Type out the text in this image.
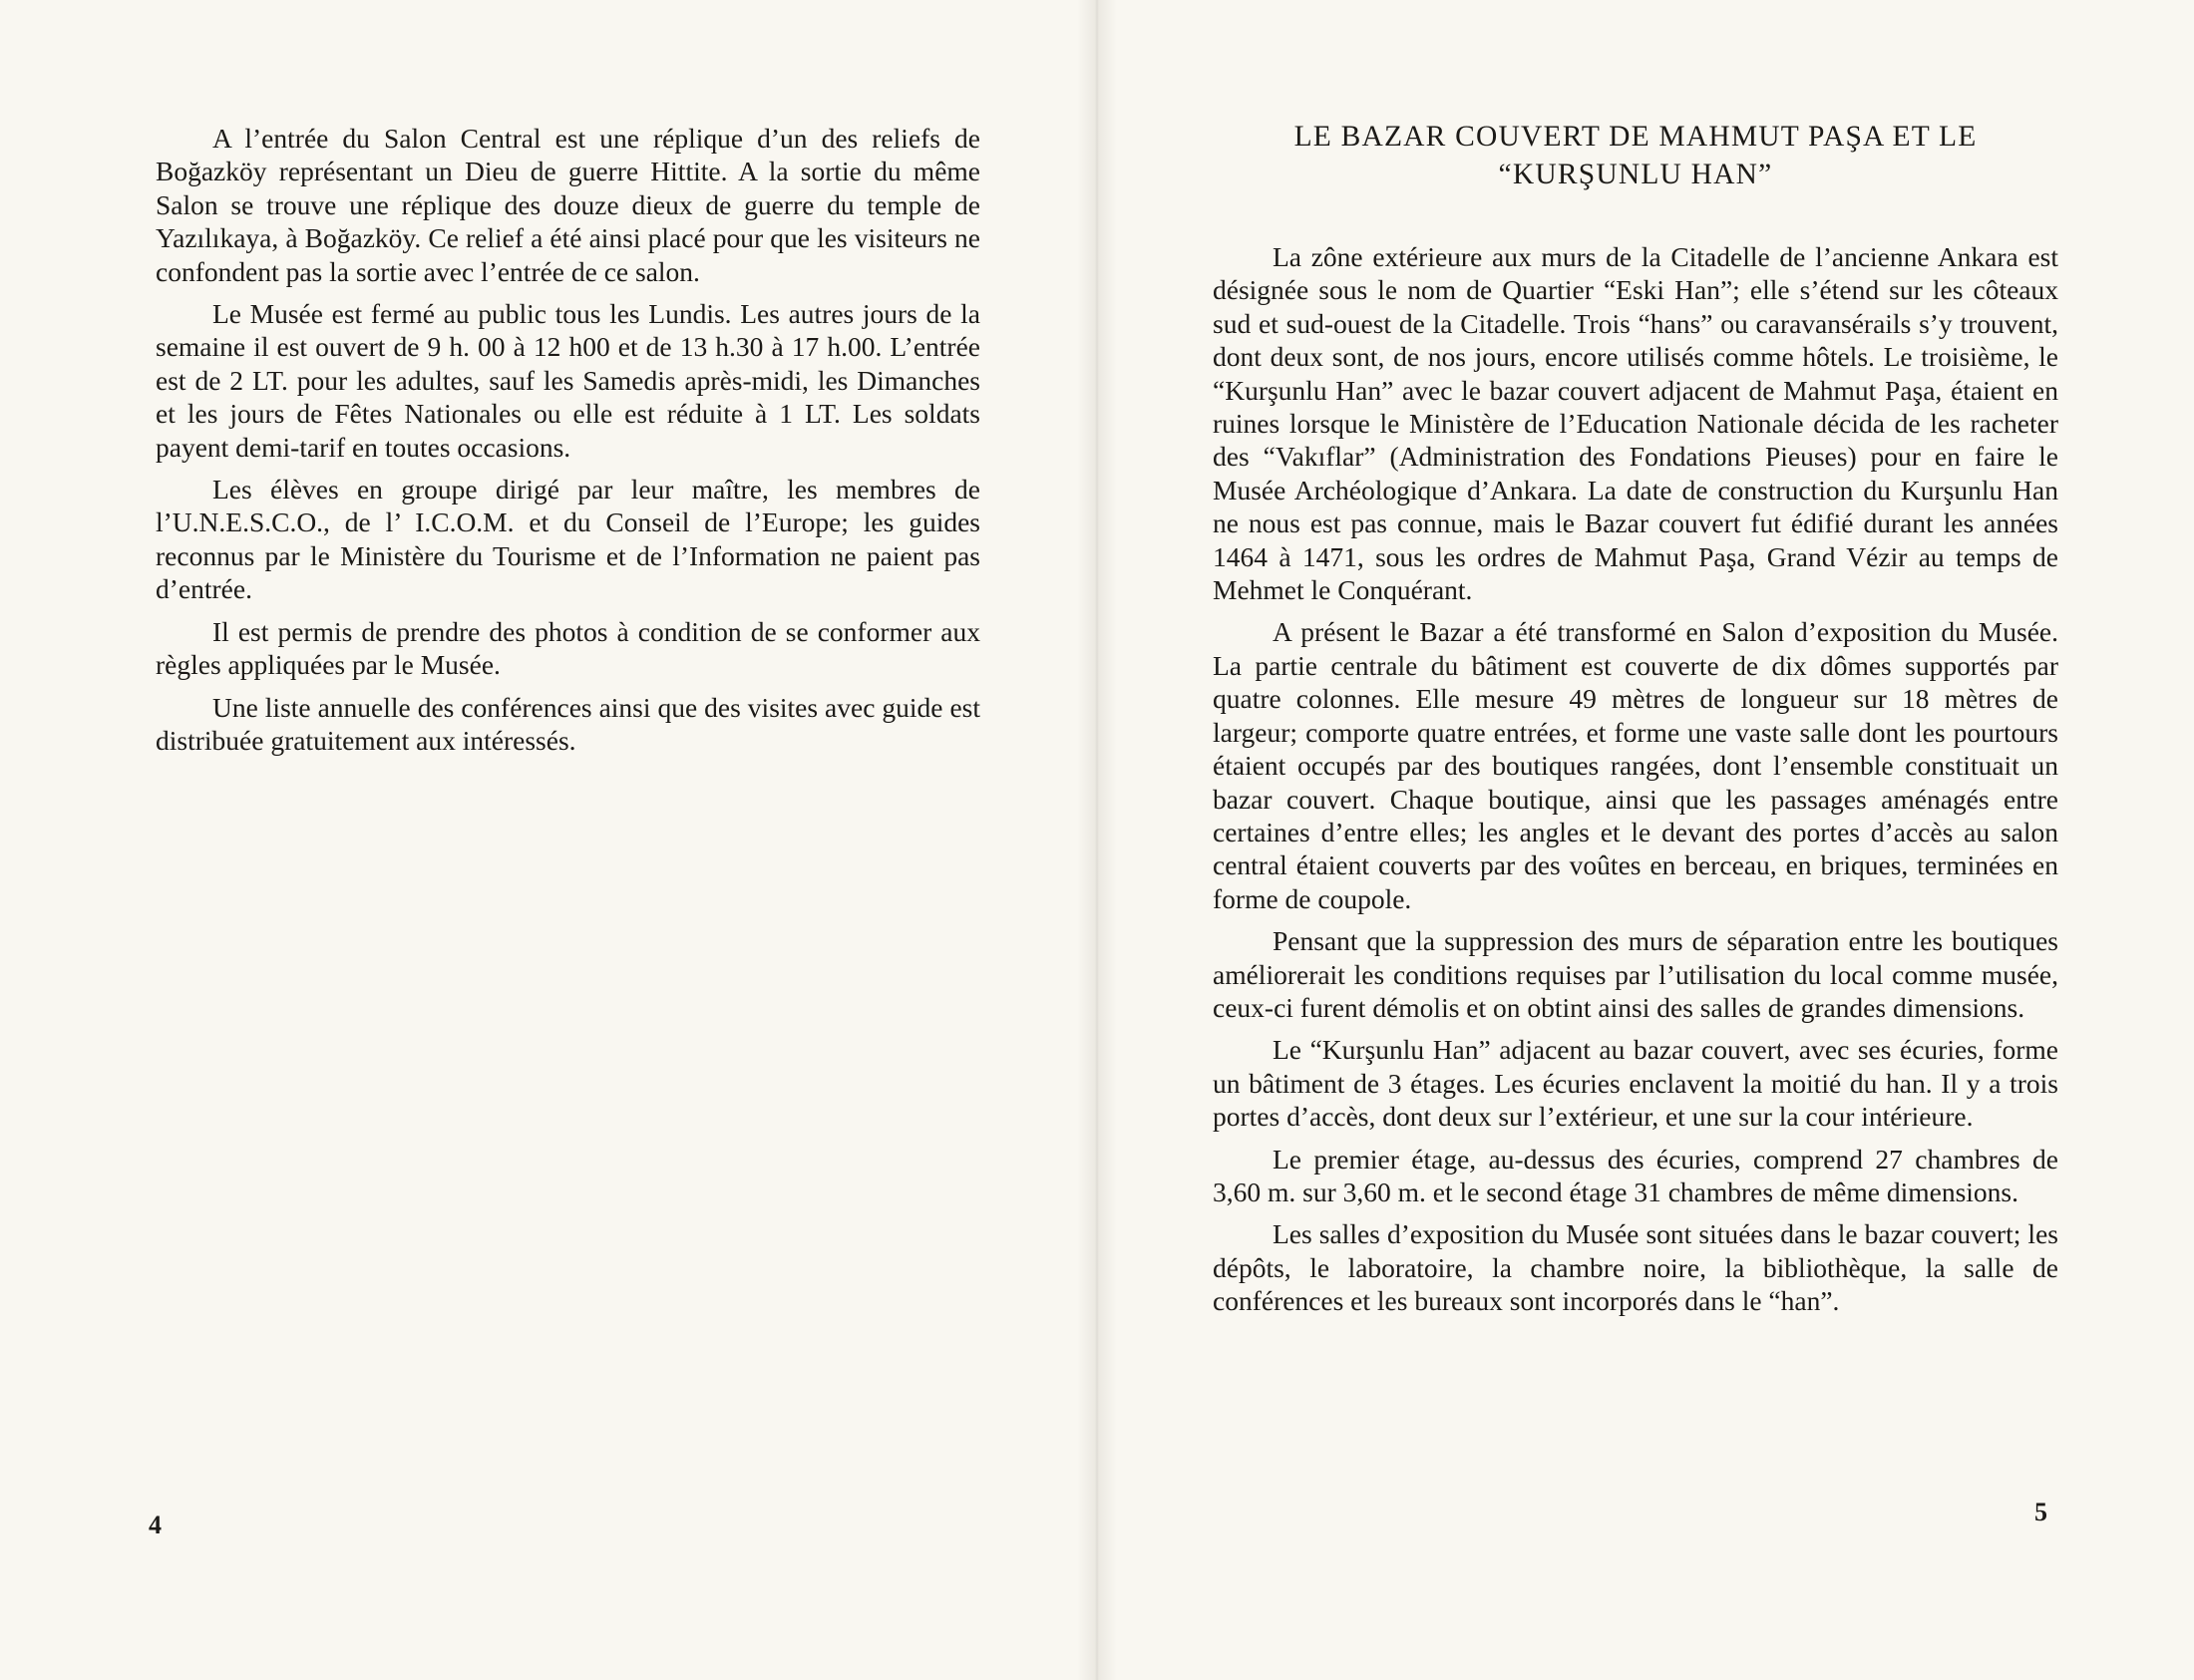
A l’entrée du Salon Central est une réplique d’un des reliefs de Boğazköy représentant un Dieu de guerre Hittite. A la sortie du même Salon se trouve une réplique des douze dieux de guerre du temple de Yazılıkaya, à Boğazköy. Ce relief a été ainsi placé pour que les visiteurs ne confondent pas la sortie avec l’entrée de ce salon.

Le Musée est fermé au public tous les Lundis. Les autres jours de la semaine il est ouvert de 9 h. 00 à 12 h00 et de 13 h.30 à 17 h.00. L’entrée est de 2 LT. pour les adultes, sauf les Samedis après-midi, les Dimanches et les jours de Fêtes Nationales ou elle est réduite à 1 LT. Les soldats payent demi-tarif en toutes occasions.

Les élèves en groupe dirigé par leur maître, les membres de l’U.N.E.S.C.O., de l’ I.C.O.M. et du Conseil de l’Europe; les guides reconnus par le Ministère du Tourisme et de l’Information ne paient pas d’entrée.

Il est permis de prendre des photos à condition de se conformer aux règles appliquées par le Musée.

Une liste annuelle des conférences ainsi que des visites avec guide est distribuée gratuitement aux intéressés.

4
LE BAZAR COUVERT DE MAHMUT PAŞA ET LE
“KURŞUNLU HAN”

La zône extérieure aux murs de la Citadelle de l’ancienne Ankara est désignée sous le nom de Quartier “Eski Han”; elle s’étend sur les côteaux sud et sud-ouest de la Citadelle. Trois “hans” ou caravansérails s’y trouvent, dont deux sont, de nos jours, encore utilisés comme hôtels. Le troisième, le “Kurşunlu Han” avec le bazar couvert adjacent de Mahmut Paşa, étaient en ruines lorsque le Ministère de l’Education Nationale décida de les racheter des “Vakıflar” (Administration des Fondations Pieuses) pour en faire le Musée Archéologique d’Ankara. La date de construction du Kurşunlu Han ne nous est pas connue, mais le Bazar couvert fut édifié durant les années 1464 à 1471, sous les ordres de Mahmut Paşa, Grand Vézir au temps de Mehmet le Conquérant.

A présent le Bazar a été transformé en Salon d’exposition du Musée. La partie centrale du bâtiment est couverte de dix dômes supportés par quatre colonnes. Elle mesure 49 mètres de longueur sur 18 mètres de largeur; comporte quatre entrées, et forme une vaste salle dont les pourtours étaient occupés par des boutiques rangées, dont l’ensemble constituait un bazar couvert. Chaque boutique, ainsi que les passages aménagés entre certaines d’entre elles; les angles et le devant des portes d’accès au salon central étaient couverts par des voûtes en berceau, en briques, terminées en forme de coupole.

Pensant que la suppression des murs de séparation entre les boutiques améliorerait les conditions requises par l’utilisation du local comme musée, ceux-ci furent démolis et on obtint ainsi des salles de grandes dimensions.

Le “Kurşunlu Han” adjacent au bazar couvert, avec ses écuries, forme un bâtiment de 3 étages. Les écuries enclavent la moitié du han. Il y a trois portes d’accès, dont deux sur l’extérieur, et une sur la cour intérieure.

Le premier étage, au-dessus des écuries, comprend 27 chambres de 3,60 m. sur 3,60 m. et le second étage 31 chambres de même dimensions.

Les salles d’exposition du Musée sont situées dans le bazar couvert; les dépôts, le laboratoire, la chambre noire, la bibliothèque, la salle de conférences et les bureaux sont incorporés dans le “han”.

5
